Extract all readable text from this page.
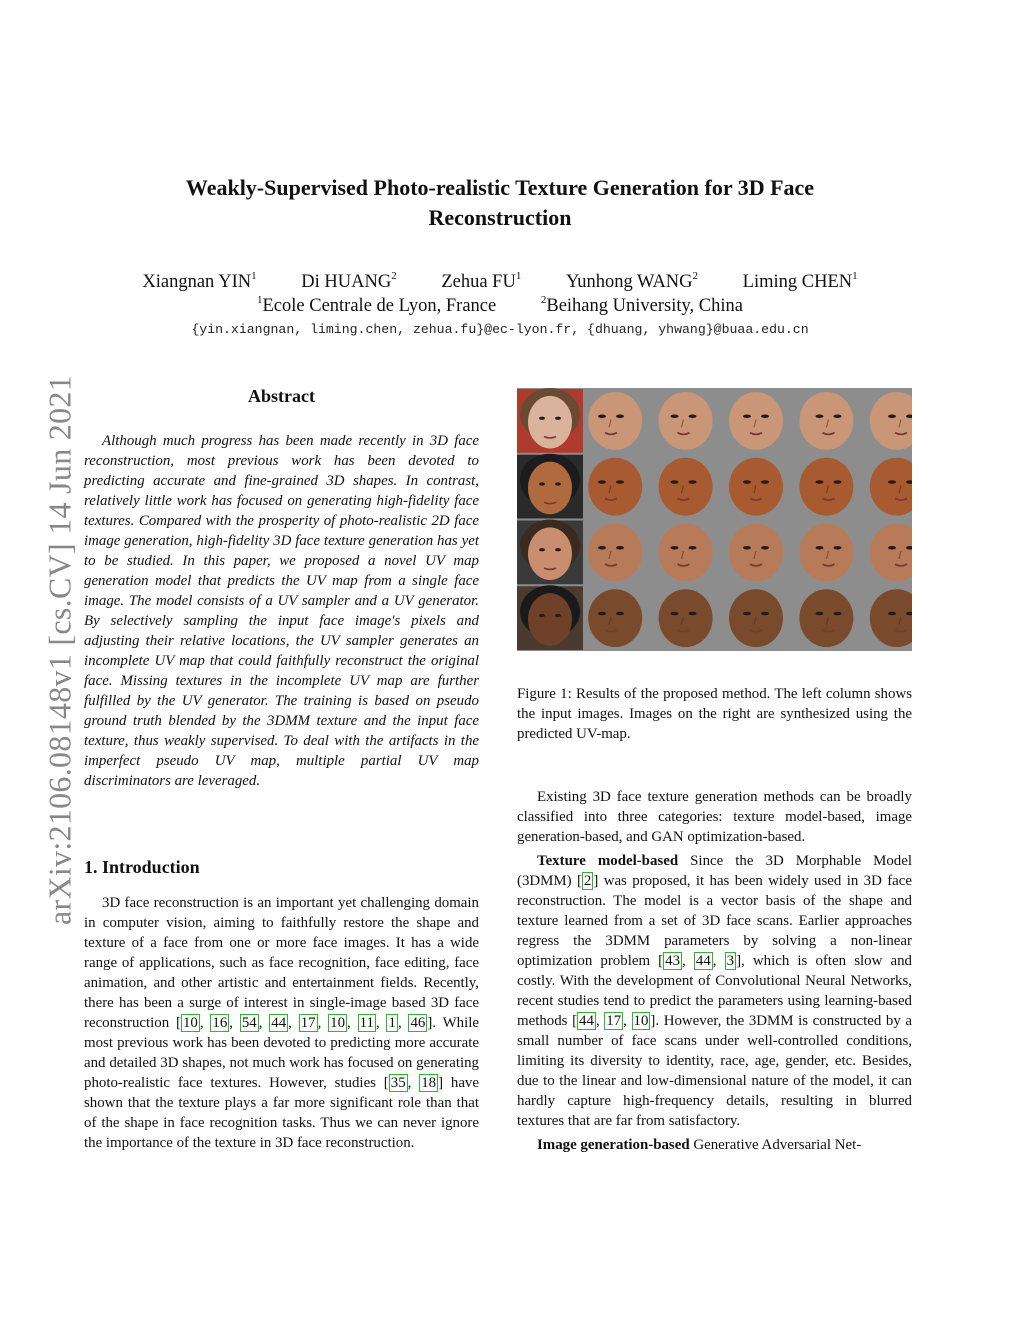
arXiv:2106.08148v1 [cs.CV] 14 Jun 2021
Weakly-Supervised Photo-realistic Texture Generation for 3D Face
Reconstruction
Xiangnan YIN$^1$ Di HUANG$^2$ Zehua $FU^1$ Yunhong WANG$^2$ Liming CHEN$^1$
$^1$Ecole Centrale de Lyon, France	$^2$Beihang University, China
{yin.xiangnan, liming.chen, zehua.fu}@ec-lyon.fr, {dhuang, yhwang}@buaa.edu.cn
Abstract
Although much progress has been made recently in 3D face reconstruction, most previous work has been devoted to predicting accurate and fine-grained 3D shapes. In contrast, relatively little work has focused on generating high-fidelity face textures. Compared with the prosperity of photo-realistic 2D face image generation, high-fidelity 3D face texture generation has yet to be studied. In this paper, we proposed a novel UV map generation model that predicts the UV map from a single face image. The model consists of a UV sampler and a UV generator. By selectively sampling the input face image's pixels and adjusting their relative locations, the UV sampler generates an incomplete UV map that could faithfully reconstruct the original face. Missing textures in the incomplete UV map are further fulfilled by the UV generator. The training is based on pseudo ground truth blended by the 3DMM texture and the input face texture, thus weakly supervised. To deal with the artifacts in the imperfect pseudo UV map, multiple partial UV map discriminators are leveraged.
1. Introduction
3D face reconstruction is an important yet challenging domain in computer vision, aiming to faithfully restore the shape and texture of a face from one or more face images. It has a wide range of applications, such as face recognition, face editing, face animation, and other artistic and entertainment fields. Recently, there has been a surge of interest in single-image based 3D face reconstruction [ 10 , 16 , 54 , 44 , 17 , 10 , 11 , 1 , 46 ]. While most previous work has been devoted to predicting more accurate and detailed 3D shapes, not much work has focused on generating photo-realistic face textures. However, studies [ 35 , 18 ] have shown that the texture plays a far more significant role than that of the shape in face recognition tasks. Thus we can never ignore the importance of the texture in 3D face reconstruction.
Figure 1: Results of the proposed method. The left column shows the input images. Images on the right are synthesized using the predicted UV-map.

Existing 3D face texture generation methods can be broadly classified into three categories: texture model-based, image generation-based, and GAN optimization-based.

Texture model-based Since the 3D Morphable Model (3DMM) [ 2 ] was proposed, it has been widely used in 3D face reconstruction. The model is a vector basis of the shape and texture learned from a set of 3D face scans. Earlier approaches regress the 3DMM parameters by solving a non-linear optimization problem [ 43 , 44 , 3 ], which is often slow and costly. With the development of Convolutional Neural Networks, recent studies tend to predict the parameters using learning-based methods [ 44 , 17 , 10 ]. However, the 3DMM is constructed by a small number of face scans under well-controlled conditions, limiting its diversity to identity, race, age, gender, etc. Besides, due to the linear and low-dimensional nature of the model, it can hardly capture high-frequency details, resulting in blurred textures that are far from satisfactory.

Image generation-based Generative Adversarial Net-
